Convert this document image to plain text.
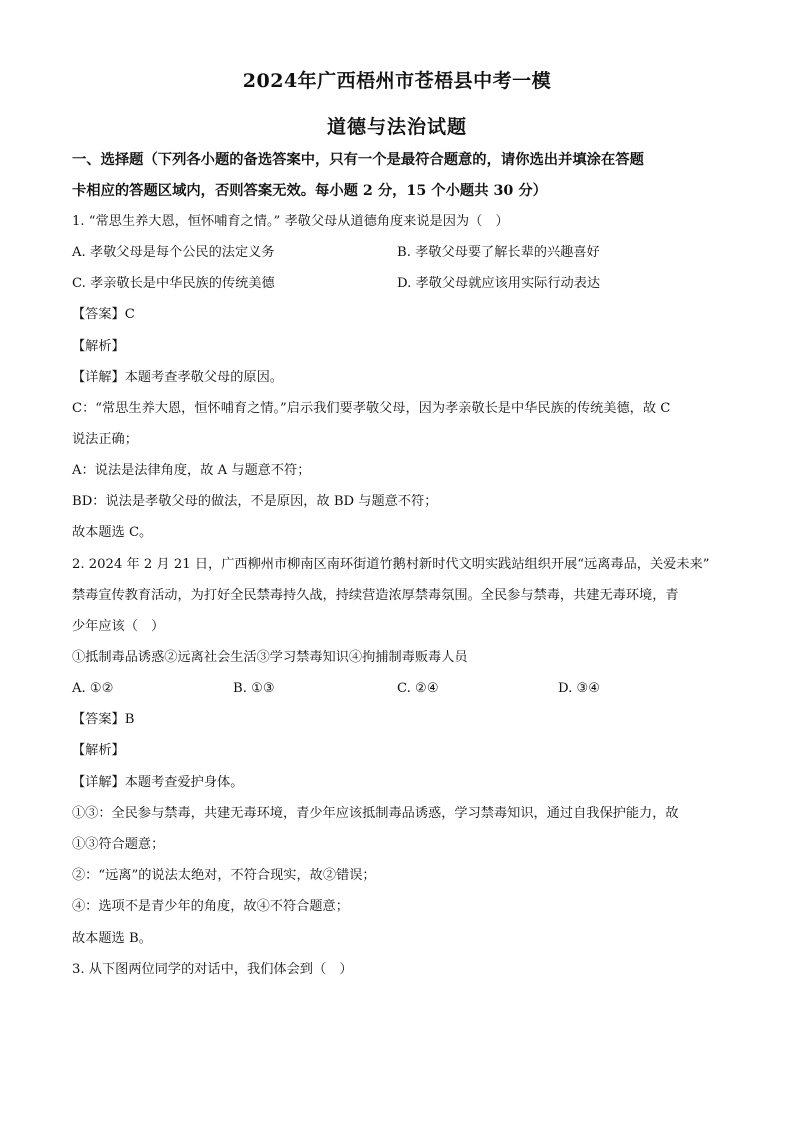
2024年广西梧州市苍梧县中考一模
道德与法治试题
一、选择题（下列各小题的备选答案中，只有一个是最符合题意的，请你选出并填涂在答题
卡相应的答题区域内，否则答案无效。每小题 2 分，15 个小题共 30 分）
1. “常思生养大恩，恒怀哺育之情。” 孝敬父母从道德角度来说是因为（　）
A. 孝敬父母是每个公民的法定义务	B. 孝敬父母要了解长辈的兴趣喜好
C. 孝亲敬长是中华民族的传统美德	D. 孝敬父母就应该用实际行动表达
【答案】C
【解析】
【详解】本题考查孝敬父母的原因。
C：“常思生养大恩，恒怀哺育之情。”启示我们要孝敬父母，因为孝亲敬长是中华民族的传统美德，故 C
说法正确；
A：说法是法律角度，故 A 与题意不符；
BD：说法是孝敬父母的做法，不是原因，故 BD 与题意不符；
故本题选 C。
2. 2024 年 2 月 21 日，广西柳州市柳南区南环街道竹鹅村新时代文明实践站组织开展“远离毒品，关爱未来”
禁毒宣传教育活动，为打好全民禁毒持久战，持续营造浓厚禁毒氛围。全民参与禁毒，共建无毒环境，青
少年应该（　）
①抵制毒品诱惑②远离社会生活③学习禁毒知识④拘捕制毒贩毒人员
A. ①②	B. ①③	C. ②④	D. ③④
【答案】B
【解析】
【详解】本题考查爱护身体。
①③：全民参与禁毒，共建无毒环境，青少年应该抵制毒品诱惑，学习禁毒知识，通过自我保护能力，故
①③符合题意；
②：“远离”的说法太绝对，不符合现实，故②错误；
④：选项不是青少年的角度，故④不符合题意；
故本题选 B。
3. 从下图两位同学的对话中，我们体会到（　）
